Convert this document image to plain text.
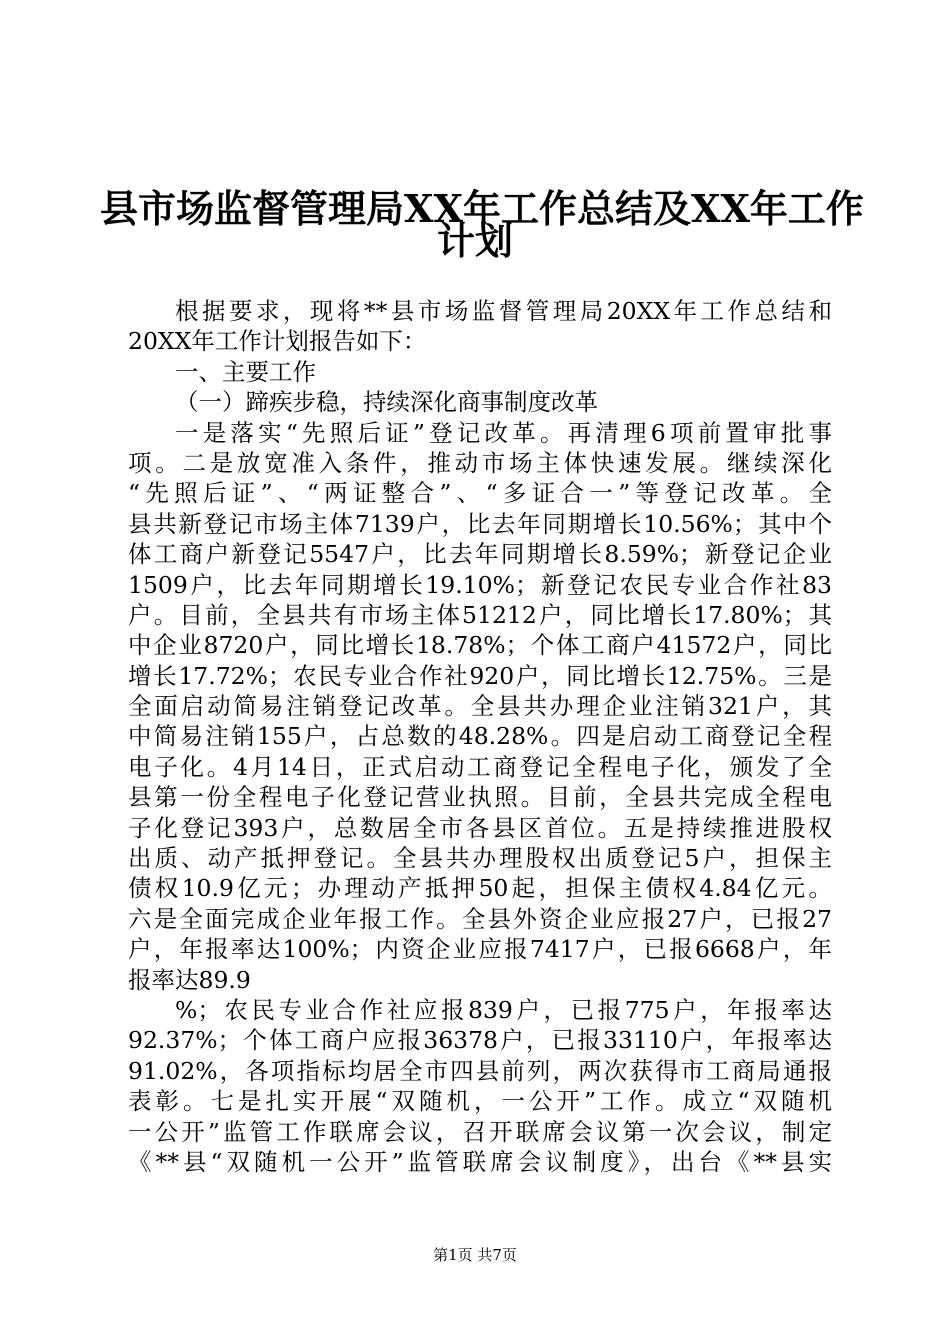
县市场监督管理局XX年工作总结及XX年工作
计划
根据要求，现将**县市场监督管理局20XX年工作总结和
20XX年工作计划报告如下：
一、主要工作
（一）蹄疾步稳，持续深化商事制度改革
一是落实“先照后证”登记改革。再清理6项前置审批事
项。二是放宽准入条件，推动市场主体快速发展。继续深化
“先照后证”、“两证整合”、“多证合一”等登记改革。全
县共新登记市场主体7139户，比去年同期增长10.56%；其中个
体工商户新登记5547户，比去年同期增长8.59%；新登记企业
1509户，比去年同期增长19.10%；新登记农民专业合作社83
户。目前，全县共有市场主体51212户，同比增长17.80%；其
中企业8720户，同比增长18.78%；个体工商户41572户，同比
增长17.72%；农民专业合作社920户，同比增长12.75%。三是
全面启动简易注销登记改革。全县共办理企业注销321户，其
中简易注销155户，占总数的48.28%。四是启动工商登记全程
电子化。4月14日，正式启动工商登记全程电子化，颁发了全
县第一份全程电子化登记营业执照。目前，全县共完成全程电
子化登记393户，总数居全市各县区首位。五是持续推进股权
出质、动产抵押登记。全县共办理股权出质登记5户，担保主
债权10.9亿元；办理动产抵押50起，担保主债权4.84亿元。
六是全面完成企业年报工作。全县外资企业应报27户，已报27
户，年报率达100%；内资企业应报7417户，已报6668户，年
报率达89.9
%；农民专业合作社应报839户，已报775户，年报率达
92.37%；个体工商户应报36378户，已报33110户，年报率达
91.02%，各项指标均居全市四县前列，两次获得市工商局通报
表彰。七是扎实开展“双随机，一公开”工作。成立“双随机
一公开”监管工作联席会议，召开联席会议第一次会议，制定
《**县“双随机一公开”监管联席会议制度》，出台《**县实
第1页 共7页
